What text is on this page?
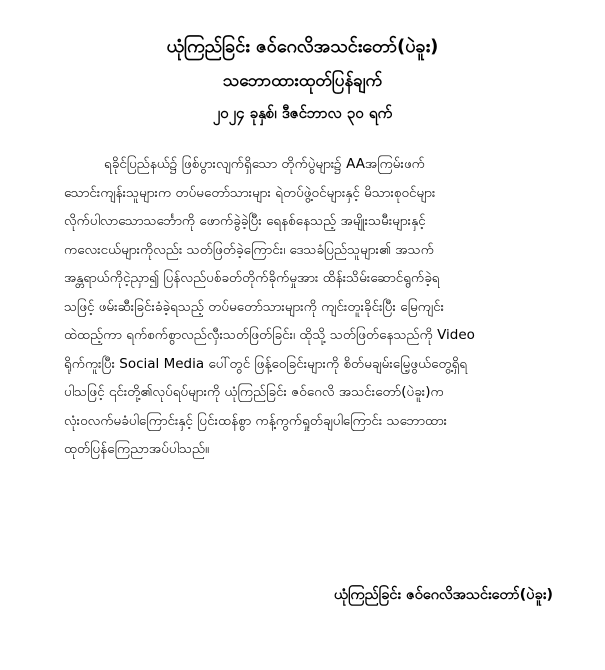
ယုံကြည်ခြင်း ဇဝ်ဂေလိအသင်းတော်(ပဲခူး)
သဘောထားထုတ်ပြန်ချက်
၂၀၂၄ ခုနှစ်၊ ဒီဇင်ဘာလ ၃၀ ရက်
ရခိုင်ပြည်နယ်၌ ဖြစ်ပွားလျက်ရှိသော တိုက်ပွဲများ၌ AAအကြမ်းဖက်
သောင်းကျန်းသူများက တပ်မတော်သားများ ရဲတပ်ဖွဲ့ဝင်များနှင့် မိသားစုဝင်များ
လိုက်ပါလာသောသင်္ဘောကို ဖောက်ခွဲခဲ့ပြီး ရေနစ်နေသည့် အမျိုးသမီးများနှင့်
ကလေးငယ်များကိုလည်း သတ်ဖြတ်ခဲ့ကြောင်း၊ ဒေသခံပြည်သူများ၏ အသက်
အန္တရာယ်ကိုငဲ့ညှာ၍ ပြန်လည်ပစ်ခတ်တိုက်ခိုက်မှုအား ထိန်းသိမ်းဆောင်ရွက်ခဲ့ရ
သဖြင့် ဖမ်းဆီးခြင်းခံခဲ့ရသည့် တပ်မတော်သားများကို ကျင်းတူးခိုင်းပြီး မြေကျင်း
ထဲထည့်ကာ ရက်စက်စွာလည်လှီးသတ်ဖြတ်ခြင်း၊ ထိုသို့ သတ်ဖြတ်နေသည်ကို Video
ရိုက်ကူးပြီး Social Media ပေါ်တွင် ဖြန့်ဝေခြင်းများကို စိတ်မချမ်းမြေ့ဖွယ်တွေ့ရှိရ
ပါသဖြင့် ၎င်းတို့၏လုပ်ရပ်များကို ယုံကြည်ခြင်း ဇဝ်ဂေလိ အသင်းတော်(ပဲခူး)က
လုံးဝလက်မခံပါကြောင်းနှင့် ပြင်းထန်စွာ ကန့်ကွက်ရှုတ်ချပါကြောင်း သဘောထား
ထုတ်ပြန်ကြေညာအပ်ပါသည်။
ယုံကြည်ခြင်း ဇဝ်ဂေလိအသင်းတော်(ပဲခူး)
